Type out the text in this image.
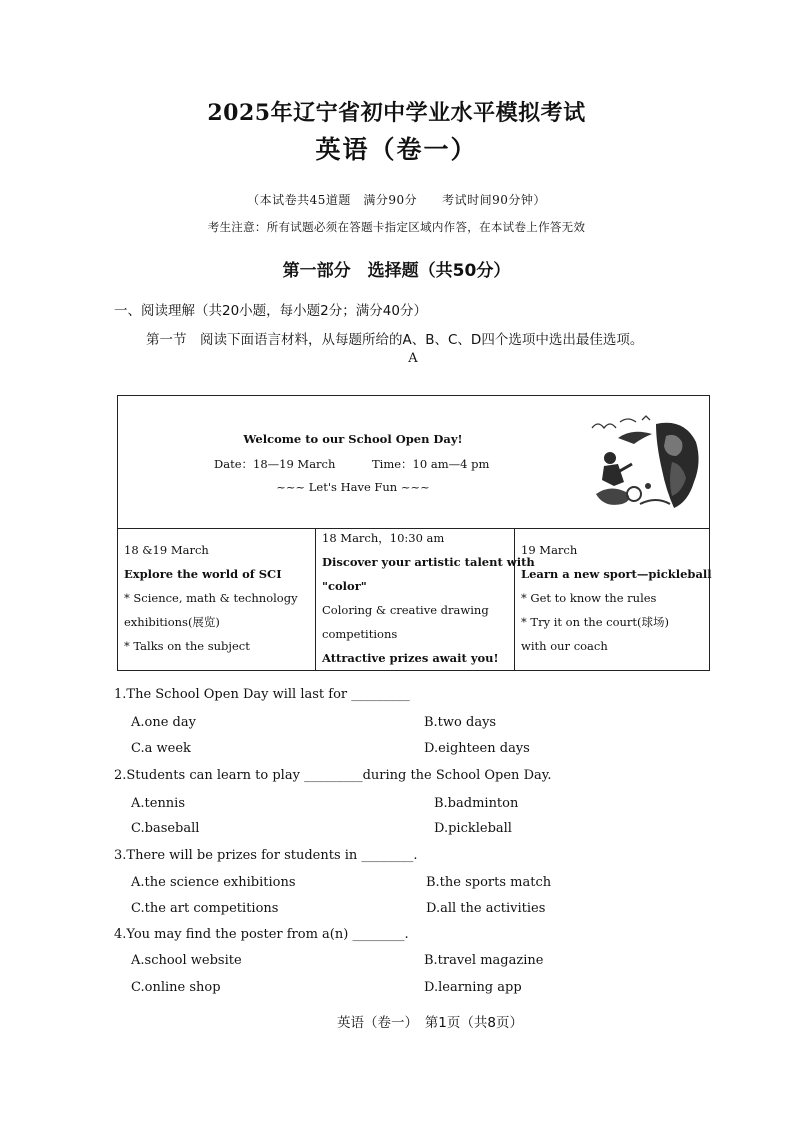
2025年辽宁省初中学业水平模拟考试
英语（卷一）
（本试卷共45道题　满分90分　　考试时间90分钟）
考生注意：所有试题必须在答题卡指定区域内作答，在本试卷上作答无效
第一部分　选择题（共50分）
一、阅读理解（共20小题，每小题2分；满分40分）
第一节　阅读下面语言材料，从每题所给的A、B、C、D四个选项中选出最佳选项。
A
Welcome to our School Open Day!
Date：18—19 March	Time：10 am—4 pm
~~~ Let's Have Fun ~~~
18 &19 March
Explore the world of SCI
* Science, math & technology
exhibitions(展览)
* Talks on the subject
18 March，10:30 am
Discover your artistic talent with
"color"
Coloring & creative drawing
competitions
Attractive prizes await you!
19 March
Learn a new sport—pickleball
* Get to know the rules
* Try it on the court(球场)
with our coach
1.The School Open Day will last for _________
A.one day	B.two days
C.a week	D.eighteen days
2.Students can learn to play _________during the School Open Day.
A.tennis	B.badminton
C.baseball	D.pickleball
3.There will be prizes for students in ________.
A.the science exhibitions	B.the sports match
C.the art competitions	D.all the activities
4.You may find the poster from a(n) ________.
A.school website	B.travel magazine
C.online shop	D.learning app
英语（卷一）　第1页（共8页）
